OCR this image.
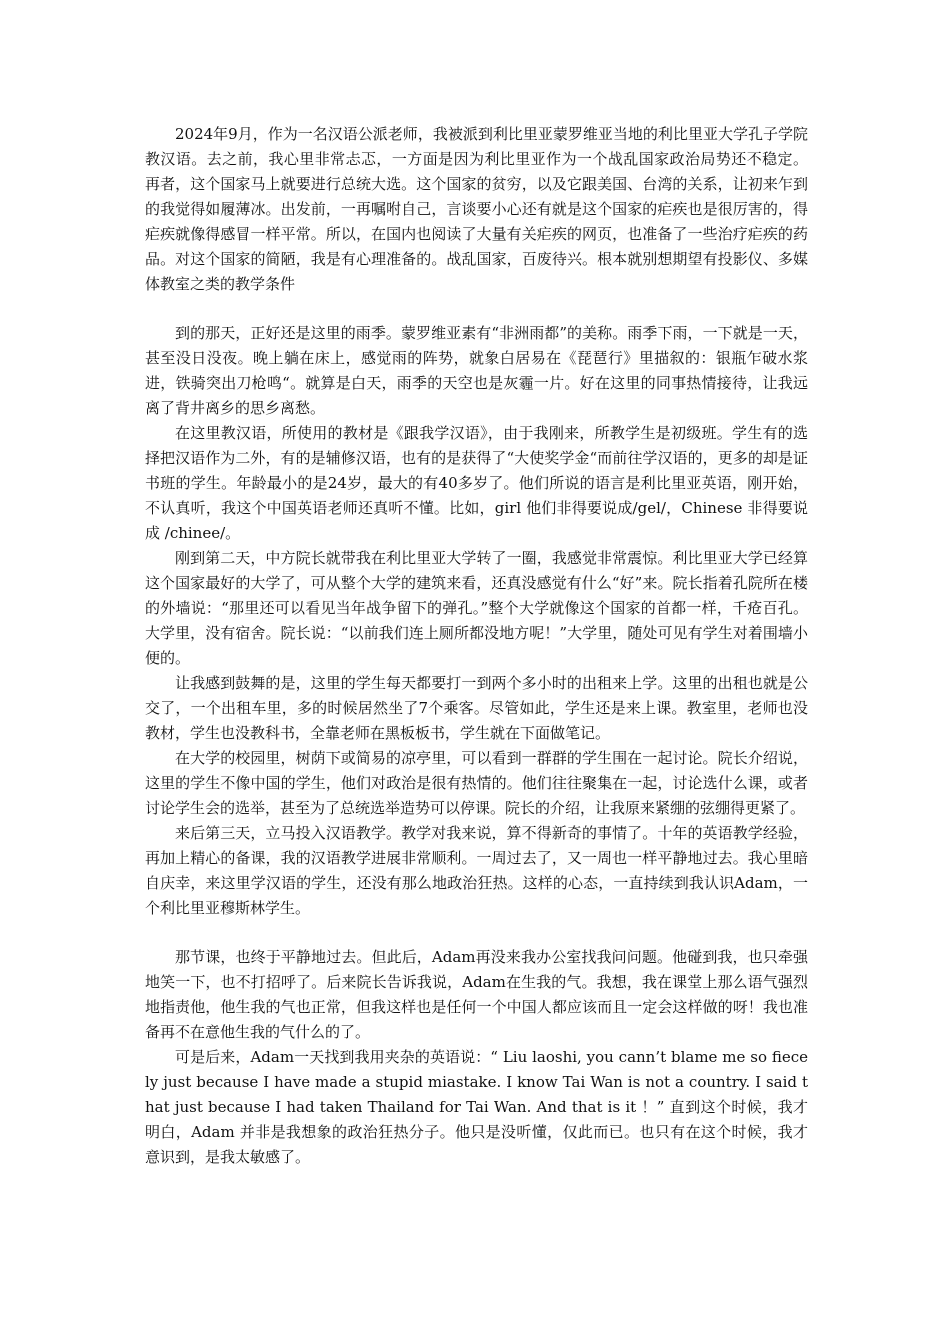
2024年9月，作为一名汉语公派老师，我被派到利比里亚蒙罗维亚当地的利比里亚大学孔子学院教汉语。去之前，我心里非常忐忑，一方面是因为利比里亚作为一个战乱国家政治局势还不稳定。 再者，这个国家马上就要进行总统大选。这个国家的贫穷，以及它跟美国、台湾的关系，让初来乍到的我觉得如履薄冰。出发前，一再嘱咐自己，言谈要小心还有就是这个国家的疟疾也是很厉害的，得疟疾就像得感冒一样平常。所以，在国内也阅读了大量有关疟疾的网页，也准备了一些治疗疟疾的药品。对这个国家的简陋，我是有心理准备的。战乱国家，百废待兴。根本就别想期望有投影仪、多媒体教室之类的教学条件

到的那天，正好还是这里的雨季。蒙罗维亚素有“非洲雨都”的美称。雨季下雨，一下就是一天，甚至没日没夜。晚上躺在床上，感觉雨的阵势，就象白居易在《琵琶行》里描叙的：银瓶乍破水浆进，铁骑突出刀枪鸣“。就算是白天，雨季的天空也是灰霾一片。好在这里的同事热情接待，让我远离了背井离乡的思乡离愁。

在这里教汉语，所使用的教材是《跟我学汉语》，由于我刚来，所教学生是初级班。学生有的选择把汉语作为二外，有的是辅修汉语，也有的是获得了“大使奖学金“而前往学汉语的，更多的却是证书班的学生。年龄最小的是24岁，最大的有40多岁了。他们所说的语言是利比里亚英语，刚开始，不认真听，我这个中国英语老师还真听不懂。比如，girl 他们非得要说成/gel/，Chinese 非得要说成 /chinee/。

刚到第二天，中方院长就带我在利比里亚大学转了一圈，我感觉非常震惊。利比里亚大学已经算这个国家最好的大学了，可从整个大学的建筑来看，还真没感觉有什么“好”来。院长指着孔院所在楼的外墙说：“那里还可以看见当年战争留下的弹孔。”整个大学就像这个国家的首都一样，千疮百孔。大学里，没有宿舍。院长说：“以前我们连上厕所都没地方呢！”大学里，随处可见有学生对着围墙小便的。

让我感到鼓舞的是，这里的学生每天都要打一到两个多小时的出租来上学。这里的出租也就是公交了，一个出租车里，多的时候居然坐了7个乘客。尽管如此，学生还是来上课。教室里，老师也没教材，学生也没教科书，全靠老师在黑板板书，学生就在下面做笔记。

在大学的校园里，树荫下或简易的凉亭里，可以看到一群群的学生围在一起讨论。院长介绍说，这里的学生不像中国的学生，他们对政治是很有热情的。他们往往聚集在一起，讨论选什么课，或者讨论学生会的选举，甚至为了总统选举造势可以停课。院长的介绍，让我原来紧绷的弦绷得更紧了。

来后第三天，立马投入汉语教学。教学对我来说，算不得新奇的事情了。十年的英语教学经验，再加上精心的备课，我的汉语教学进展非常顺利。一周过去了，又一周也一样平静地过去。我心里暗自庆幸，来这里学汉语的学生，还没有那么地政治狂热。这样的心态，一直持续到我认识Adam，一个利比里亚穆斯林学生。

那节课，也终于平静地过去。但此后，Adam再没来我办公室找我问问题。他碰到我，也只牵强地笑一下，也不打招呼了。后来院长告诉我说，Adam在生我的气。我想，我在课堂上那么语气强烈地指责他，他生我的气也正常，但我这样也是任何一个中国人都应该而且一定会这样做的呀！我也准备再不在意他生我的气什么的了。

可是后来，Adam一天找到我用夹杂的英语说：“ Liu laoshi, you cann’t blame me so fiecely just because I have made a stupid miastake. I know Tai Wan is not a country. I said that just because I had taken Thailand for Tai Wan. And that is it ！” 直到这个时候，我才明白，Adam 并非是我想象的政治狂热分子。他只是没听懂，仅此而已。也只有在这个时候，我才意识到，是我太敏感了。
